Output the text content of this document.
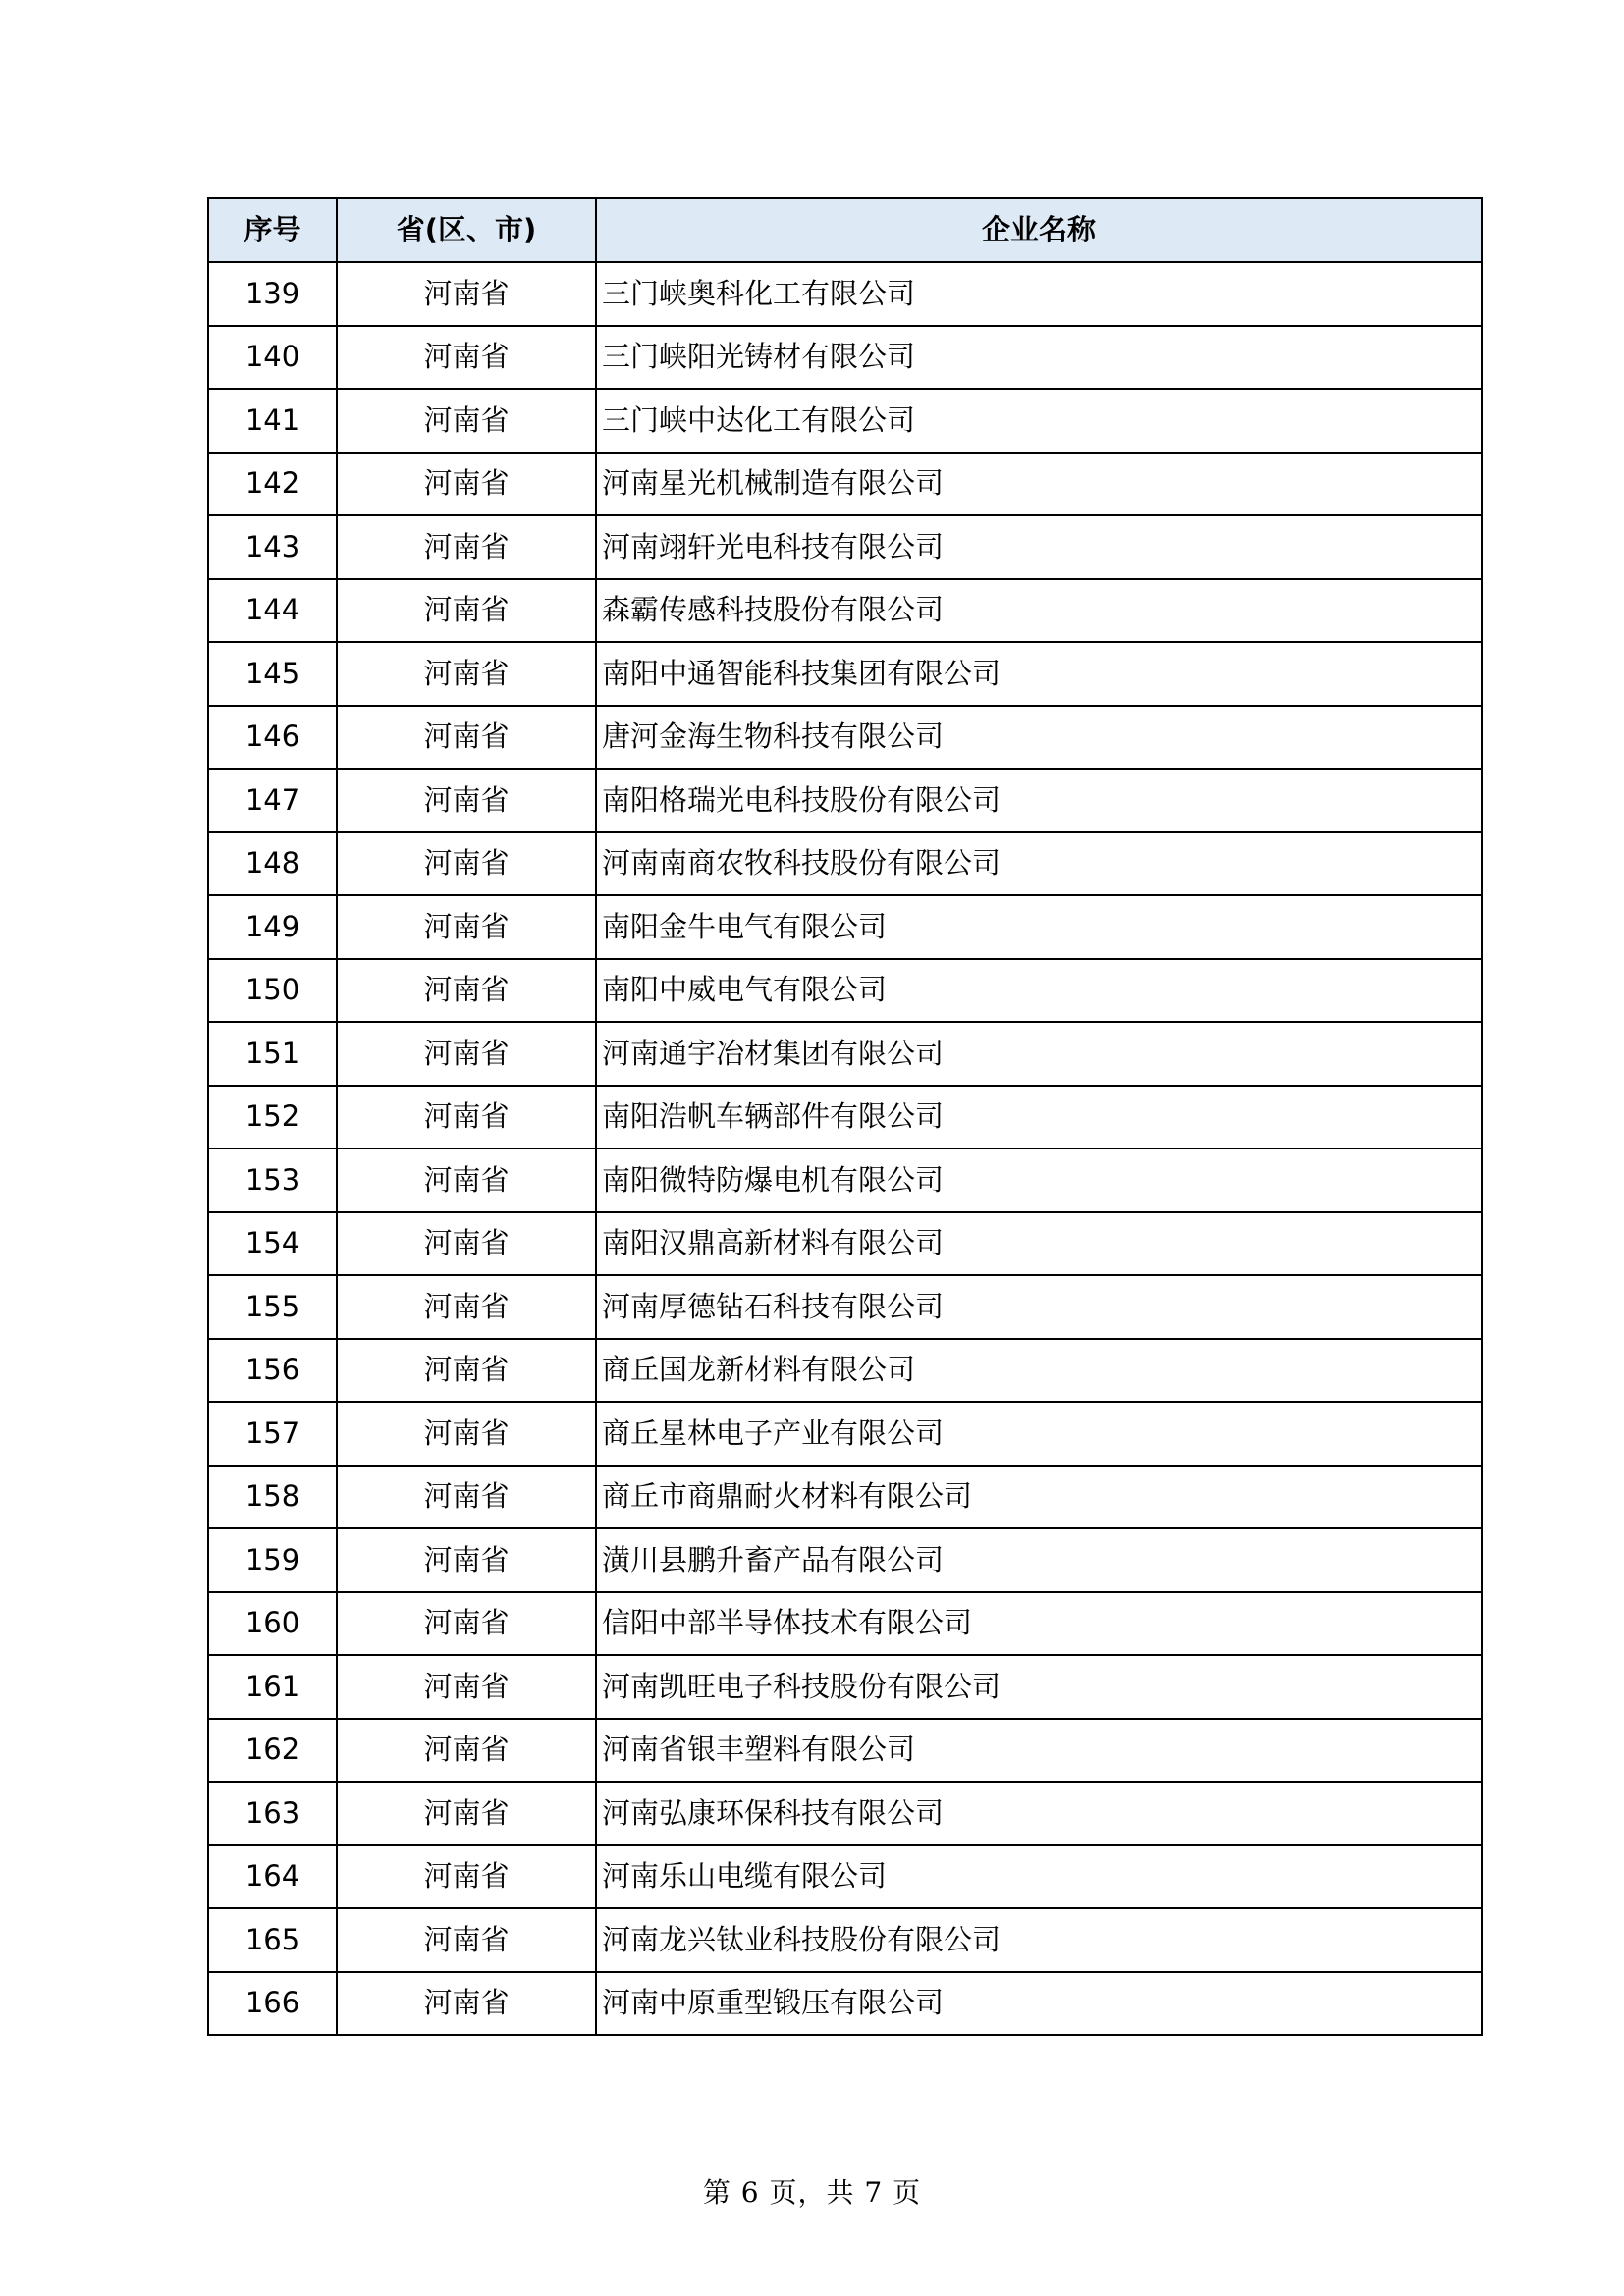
序号	省(区、市)	企业名称
139	河南省	三门峡奥科化工有限公司
140	河南省	三门峡阳光铸材有限公司
141	河南省	三门峡中达化工有限公司
142	河南省	河南星光机械制造有限公司
143	河南省	河南翊轩光电科技有限公司
144	河南省	森霸传感科技股份有限公司
145	河南省	南阳中通智能科技集团有限公司
146	河南省	唐河金海生物科技有限公司
147	河南省	南阳格瑞光电科技股份有限公司
148	河南省	河南南商农牧科技股份有限公司
149	河南省	南阳金牛电气有限公司
150	河南省	南阳中威电气有限公司
151	河南省	河南通宇冶材集团有限公司
152	河南省	南阳浩帆车辆部件有限公司
153	河南省	南阳微特防爆电机有限公司
154	河南省	南阳汉鼎高新材料有限公司
155	河南省	河南厚德钻石科技有限公司
156	河南省	商丘国龙新材料有限公司
157	河南省	商丘星林电子产业有限公司
158	河南省	商丘市商鼎耐火材料有限公司
159	河南省	潢川县鹏升畜产品有限公司
160	河南省	信阳中部半导体技术有限公司
161	河南省	河南凯旺电子科技股份有限公司
162	河南省	河南省银丰塑料有限公司
163	河南省	河南弘康环保科技有限公司
164	河南省	河南乐山电缆有限公司
165	河南省	河南龙兴钛业科技股份有限公司
166	河南省	河南中原重型锻压有限公司
第 6 页，共 7 页
